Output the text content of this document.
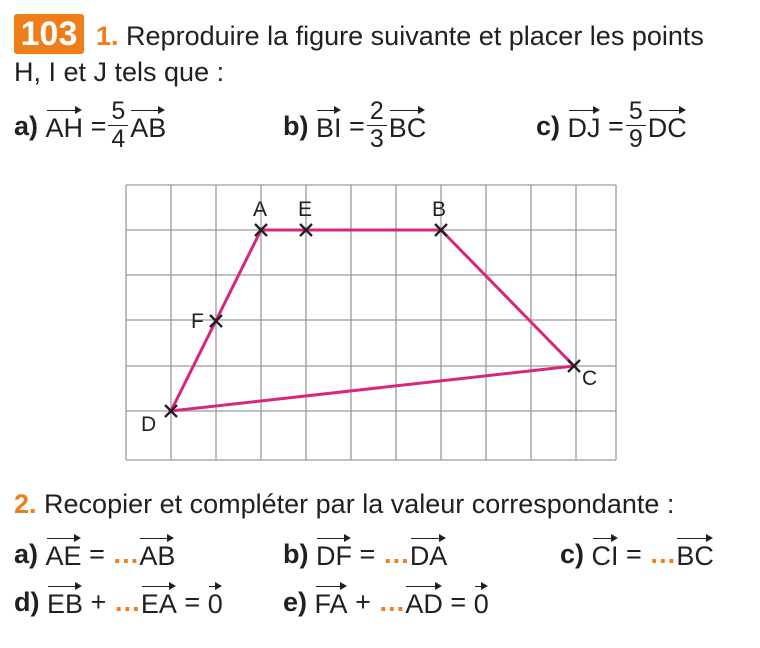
103 1. Reproduire la figure suivante et placer les points
H, I et J tels que :
a)
AH
= $\frac{5}{4}$ AB	b)
BI
= $\frac{2}{3}$ BC	c)
DJ
= $\frac{5}{9}$ DC
A E	B
C
D
F
2. Recopier et compléter par la valeur correspondante :
a)
AE
=
… AB	b)
DF
=
… DA	c)
CI
=
… BC
d)
EB
+
… EA
=
0 e)
FA
+
… AD
=
0
